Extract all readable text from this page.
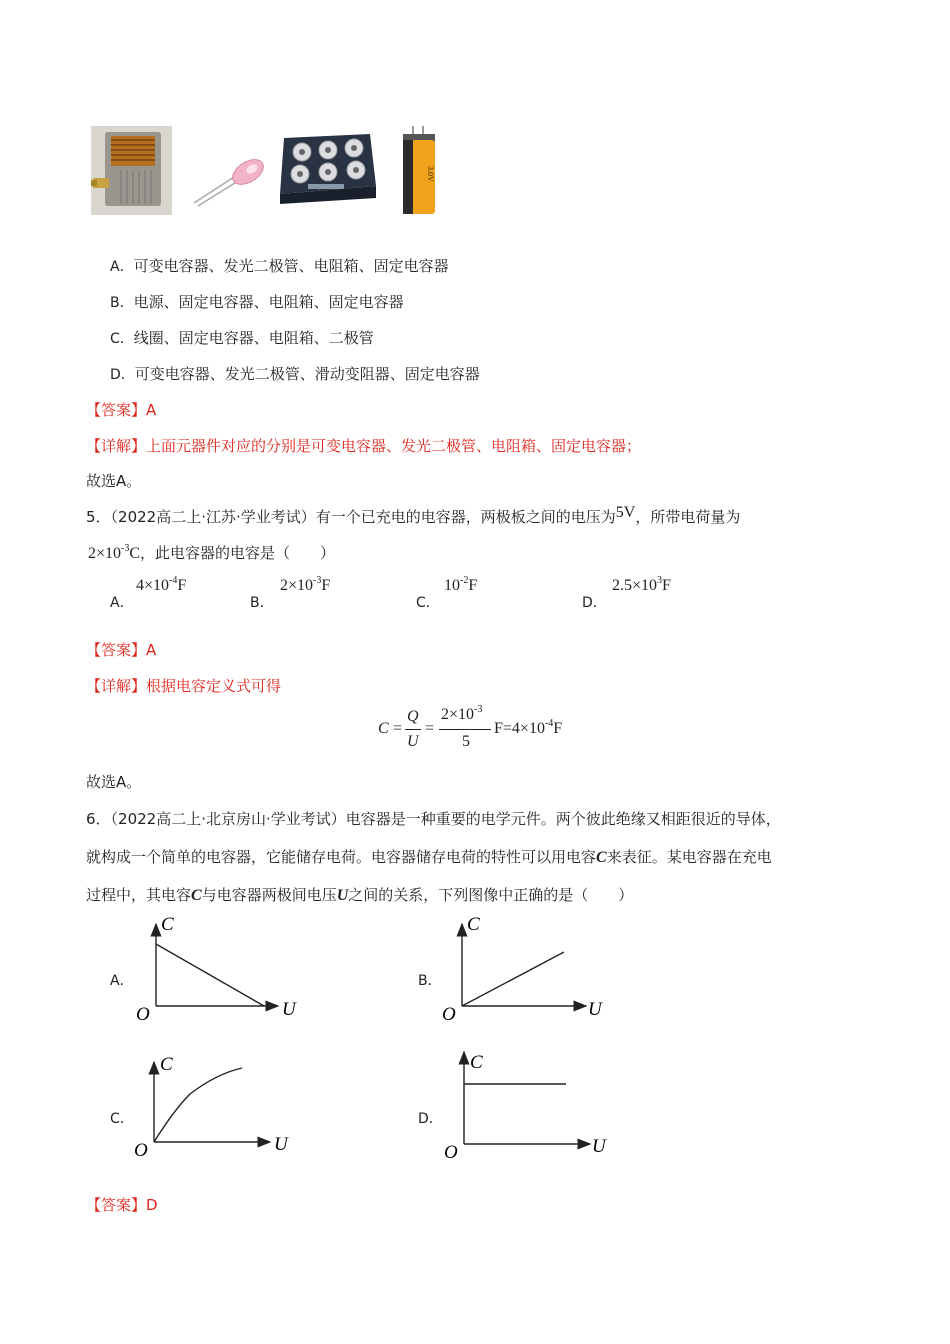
3.0V
A．可变电容器、发光二极管、电阻箱、固定电容器
B．电源、固定电容器、电阻箱、固定电容器
C．线圈、固定电容器、电阻箱、二极管
D．可变电容器、发光二极管、滑动变阻器、固定电容器
【答案】A
【详解】上面元器件对应的分别是可变电容器、发光二极管、电阻箱、固定电容器；
故选A。
5．（2022高二上·江苏·学业考试）有一个已充电的电容器，两极板之间的电压为5V，所带电荷量为
$2\times 10^{-3}C$，此电容器的电容是（　　）
A．
$4\times 10^{-4}F$
B．
$2\times 10^{-3}F$
C．
$10^{-2}F$
D．
$2.5\times 10^3F$
【答案】A
【详解】根据电容定义式可得
C =
Q
U
=
$2\times 10^{-3}$
5
$F=4\times 10^{-4}F$
故选A。
6．（2022高二上·北京房山·学业考试）电容器是一种重要的电学元件。两个彼此绝缘又相距很近的导体，
就构成一个简单的电容器，它能储存电荷。电容器储存电荷的特性可以用电容C来表征。某电容器在充电
过程中，其电容C与电容器两极间电压U之间的关系，下列图像中正确的是（　　）
A．
C
U
O
B．
C
U
O
C．
C
U
O
D．
C
U
O
【答案】D
